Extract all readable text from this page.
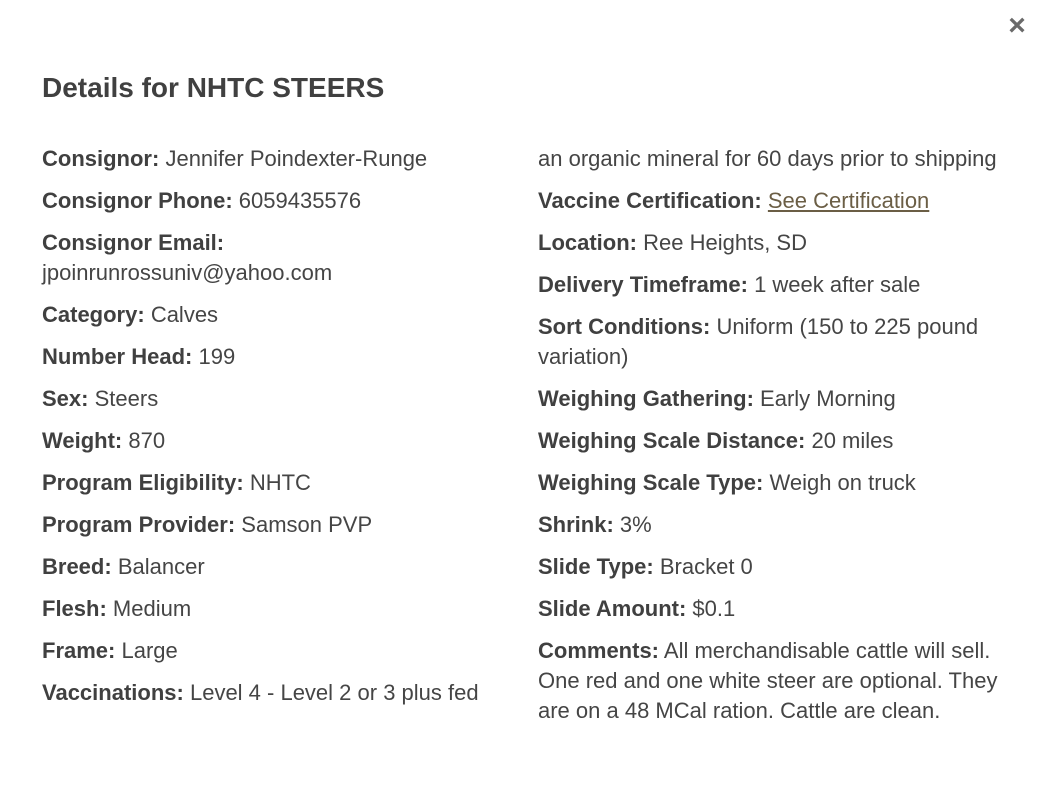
×
Details for NHTC STEERS
Consignor: Jennifer Poindexter-Runge
Consignor Phone: 6059435576
Consignor Email:
jpoinrunrossuniv@yahoo.com
Category: Calves
Number Head: 199
Sex: Steers
Weight: 870
Program Eligibility: NHTC
Program Provider: Samson PVP
Breed: Balancer
Flesh: Medium
Frame: Large
Vaccinations: Level 4 - Level 2 or 3 plus fed an organic mineral for 60 days prior to shipping
Vaccine Certification: See Certification
Location: Ree Heights, SD
Delivery Timeframe: 1 week after sale
Sort Conditions: Uniform (150 to 225 pound variation)
Weighing Gathering: Early Morning
Weighing Scale Distance: 20 miles
Weighing Scale Type: Weigh on truck
Shrink: 3%
Slide Type: Bracket 0
Slide Amount: $0.1
Comments: All merchandisable cattle will sell. One red and one white steer are optional. They are on a 48 MCal ration. Cattle are clean.
